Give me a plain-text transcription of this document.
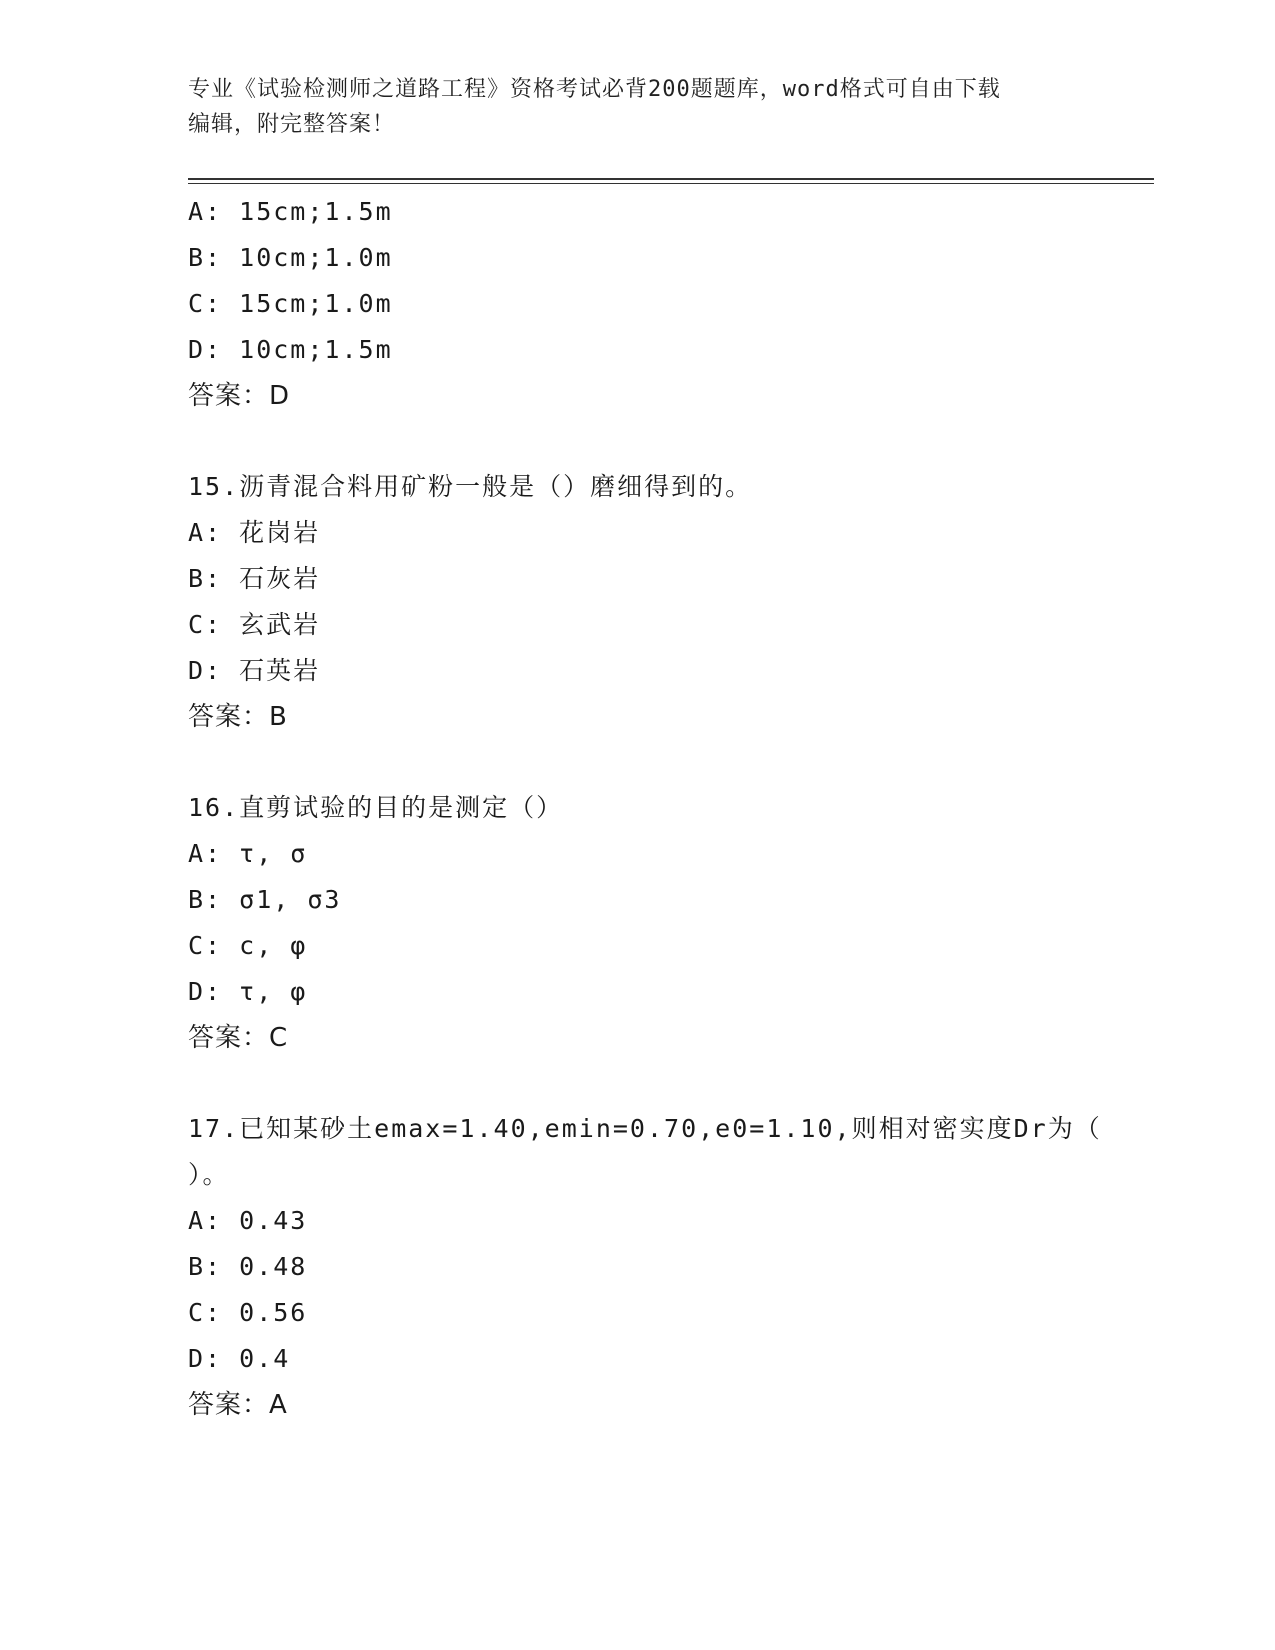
专业《试验检测师之道路工程》资格考试必背200题题库，word格式可自由下载
编辑，附完整答案！
A: 15cm;1.5m
B: 10cm;1.0m
C: 15cm;1.0m
D: 10cm;1.5m
答案：D
15.沥青混合料用矿粉一般是（）磨细得到的。
A: 花岗岩
B: 石灰岩
C: 玄武岩
D: 石英岩
答案：B
16.直剪试验的目的是测定（）
A: τ, σ
B: σ1, σ3
C: c, φ
D: τ, φ
答案：C
17.已知某砂土emax=1.40,emin=0.70,e0=1.10,则相对密实度Dr为（
）。
A: 0.43
B: 0.48
C: 0.56
D: 0.4
答案：A
